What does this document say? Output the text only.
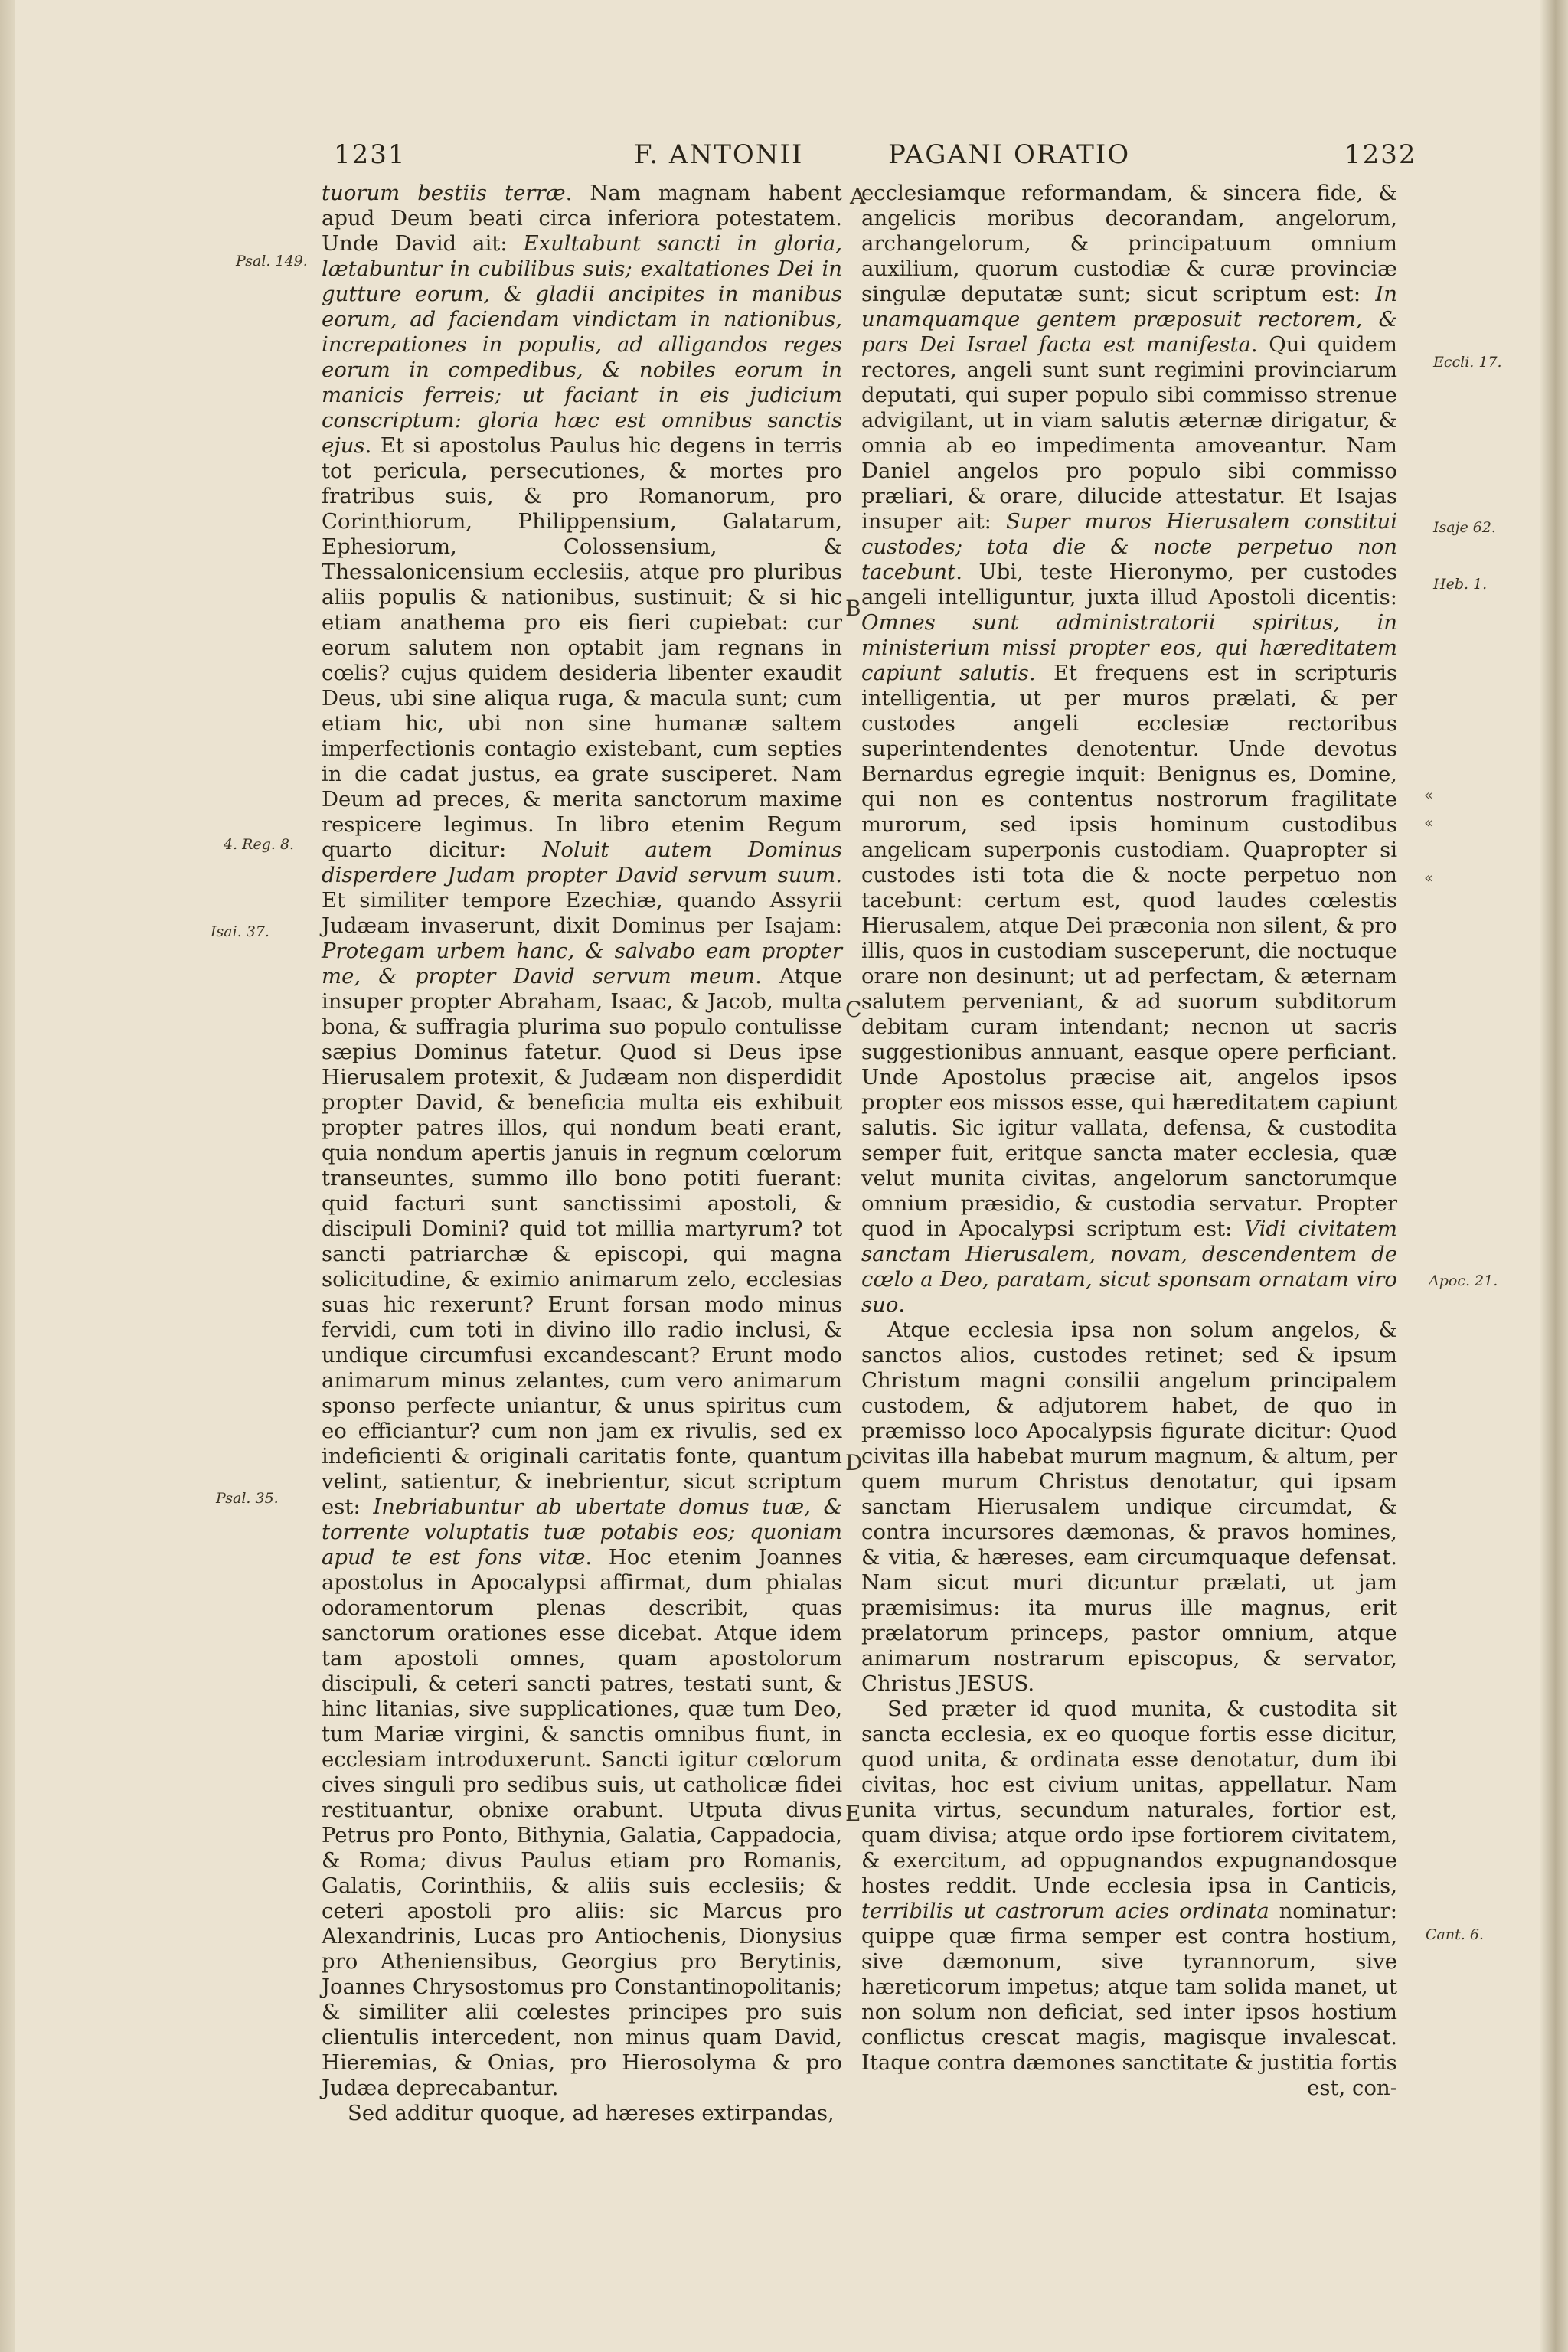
1231	F. ANTONII	PAGANI ORATIO	1232
Psal. 149.
4. Reg. 8.
Isai. 37.
Psal. 35.
Eccli. 17.
Isaje 62.
Heb. 1.
Apoc. 21.
Cant. 6.
A
B
C
D
E
«
«
«

tuorum bestiis terræ. Nam magnam habent apud Deum beati circa inferiora potestatem. Unde David ait: Exultabunt sancti in gloria, lætabuntur in cubilibus suis; exaltationes Dei in gutture eorum, & gladii ancipites in manibus eorum, ad faciendam vindictam in nationibus, increpationes in populis, ad alligandos reges eorum in compedibus, & nobiles eorum in manicis ferreis; ut faciant in eis judicium conscriptum: gloria hæc est omnibus sanctis ejus. Et si apostolus Paulus hic degens in terris tot pericula, persecutiones, & mortes pro fratribus suis, & pro Romanorum, pro Corinthiorum, Philippensium, Galatarum, Ephesiorum, Colossensium, & Thessalonicensium ecclesiis, atque pro pluribus aliis populis & nationibus, sustinuit; & si hic etiam anathema pro eis fieri cupiebat: cur eorum salutem non optabit jam regnans in cœlis? cujus quidem desideria libenter exaudit Deus, ubi sine aliqua ruga, & macula sunt; cum etiam hic, ubi non sine humanæ saltem imperfectionis contagio existebant, cum septies in die cadat justus, ea grate susciperet. Nam Deum ad preces, & merita sanctorum maxime respicere legimus. In libro etenim Regum quarto dicitur: Noluit autem Dominus disperdere Judam propter David servum suum. Et similiter tempore Ezechiæ, quando Assyrii Judæam invaserunt, dixit Dominus per Isajam: Protegam urbem hanc, & salvabo eam propter me, & propter David servum meum. Atque insuper propter Abraham, Isaac, & Jacob, multa bona, & suffragia plurima suo populo contulisse sæpius Dominus fatetur. Quod si Deus ipse Hierusalem protexit, & Judæam non disperdidit propter David, & beneficia multa eis exhibuit propter patres illos, qui nondum beati erant, quia nondum apertis januis in regnum cœlorum transeuntes, summo illo bono potiti fuerant: quid facturi sunt sanctissimi apostoli, & discipuli Domini? quid tot millia martyrum? tot sancti patriarchæ & episcopi, qui magna solicitudine, & eximio animarum zelo, ecclesias suas hic rexerunt? Erunt forsan modo minus fervidi, cum toti in divino illo radio inclusi, & undique circumfusi excandescant? Erunt modo animarum minus zelantes, cum vero animarum sponso perfecte uniantur, & unus spiritus cum eo efficiantur? cum non jam ex rivulis, sed ex indeficienti & originali caritatis fonte, quantum velint, satientur, & inebrientur, sicut scriptum est: Inebriabuntur ab ubertate domus tuæ, & torrente voluptatis tuæ potabis eos; quoniam apud te est fons vitæ. Hoc etenim Joannes apostolus in Apocalypsi affirmat, dum phialas odoramentorum plenas describit, quas sanctorum orationes esse dicebat. Atque idem tam apostoli omnes, quam apostolorum discipuli, & ceteri sancti patres, testati sunt, & hinc litanias, sive supplicationes, quæ tum Deo, tum Mariæ virgini, & sanctis omnibus fiunt, in ecclesiam introduxerunt. Sancti igitur cœlorum cives singuli pro sedibus suis, ut catholicæ fidei restituantur, obnixe orabunt. Utputa divus Petrus pro Ponto, Bithynia, Galatia, Cappadocia, & Roma; divus Paulus etiam pro Romanis, Galatis, Corinthiis, & aliis suis ecclesiis; & ceteri apostoli pro aliis: sic Marcus pro Alexandrinis, Lucas pro Antiochenis, Dionysius pro Atheniensibus, Georgius pro Berytinis, Joannes Chrysostomus pro Constantinopolitanis; & similiter alii cœlestes principes pro suis clientulis intercedent, non minus quam David, Hieremias, & Onias, pro Hierosolyma & pro Judæa deprecabantur.

Sed additur quoque, ad hæreses extirpandas,

ecclesiamque reformandam, & sincera fide, & angelicis moribus decorandam, angelorum, archangelorum, & principatuum omnium auxilium, quorum custodiæ & curæ provinciæ singulæ deputatæ sunt; sicut scriptum est: In unamquamque gentem præposuit rectorem, & pars Dei Israel facta est manifesta. Qui quidem rectores, angeli sunt sunt regimini provinciarum deputati, qui super populo sibi commisso strenue advigilant, ut in viam salutis æternæ dirigatur, & omnia ab eo impedimenta amoveantur. Nam Daniel angelos pro populo sibi commisso præliari, & orare, dilucide attestatur. Et Isajas insuper ait: Super muros Hierusalem constitui custodes; tota die & nocte perpetuo non tacebunt. Ubi, teste Hieronymo, per custodes angeli intelliguntur, juxta illud Apostoli dicentis: Omnes sunt administratorii spiritus, in ministerium missi propter eos, qui hæreditatem capiunt salutis. Et frequens est in scripturis intelligentia, ut per muros prælati, & per custodes angeli ecclesiæ rectoribus superintendentes denotentur. Unde devotus Bernardus egregie inquit: Benignus es, Domine, qui non es contentus nostrorum fragilitate murorum, sed ipsis hominum custodibus angelicam superponis custodiam. Quapropter si custodes isti tota die & nocte perpetuo non tacebunt: certum est, quod laudes cœlestis Hierusalem, atque Dei præconia non silent, & pro illis, quos in custodiam susceperunt, die noctuque orare non desinunt; ut ad perfectam, & æternam salutem perveniant, & ad suorum subditorum debitam curam intendant; necnon ut sacris suggestionibus annuant, easque opere perficiant. Unde Apostolus præcise ait, angelos ipsos propter eos missos esse, qui hæreditatem capiunt salutis. Sic igitur vallata, defensa, & custodita semper fuit, eritque sancta mater ecclesia, quæ velut munita civitas, angelorum sanctorumque omnium præsidio, & custodia servatur. Propter quod in Apocalypsi scriptum est: Vidi civitatem sanctam Hierusalem, novam, descendentem de cœlo a Deo, paratam, sicut sponsam ornatam viro suo.

Atque ecclesia ipsa non solum angelos, & sanctos alios, custodes retinet; sed & ipsum Christum magni consilii angelum principalem custodem, & adjutorem habet, de quo in præmisso loco Apocalypsis figurate dicitur: Quod civitas illa habebat murum magnum, & altum, per quem murum Christus denotatur, qui ipsam sanctam Hierusalem undique circumdat, & contra incursores dæmonas, & pravos homines, & vitia, & hæreses, eam circumquaque defensat. Nam sicut muri dicuntur prælati, ut jam præmisimus: ita murus ille magnus, erit prælatorum princeps, pastor omnium, atque animarum nostrarum episcopus, & servator, Christus JESUS.

Sed præter id quod munita, & custodita sit sancta ecclesia, ex eo quoque fortis esse dicitur, quod unita, & ordinata esse denotatur, dum ibi civitas, hoc est civium unitas, appellatur. Nam unita virtus, secundum naturales, fortior est, quam divisa; atque ordo ipse fortiorem civitatem, & exercitum, ad oppugnandos expugnandosque hostes reddit. Unde ecclesia ipsa in Canticis, terribilis ut castrorum acies ordinata nominatur: quippe quæ firma semper est contra hostium, sive dæmonum, sive tyrannorum, sive hæreticorum impetus; atque tam solida manet, ut non solum non deficiat, sed inter ipsos hostium conflictus crescat magis, magisque invalescat. Itaque contra dæmones sanctitate & justitia fortis

est, con-
